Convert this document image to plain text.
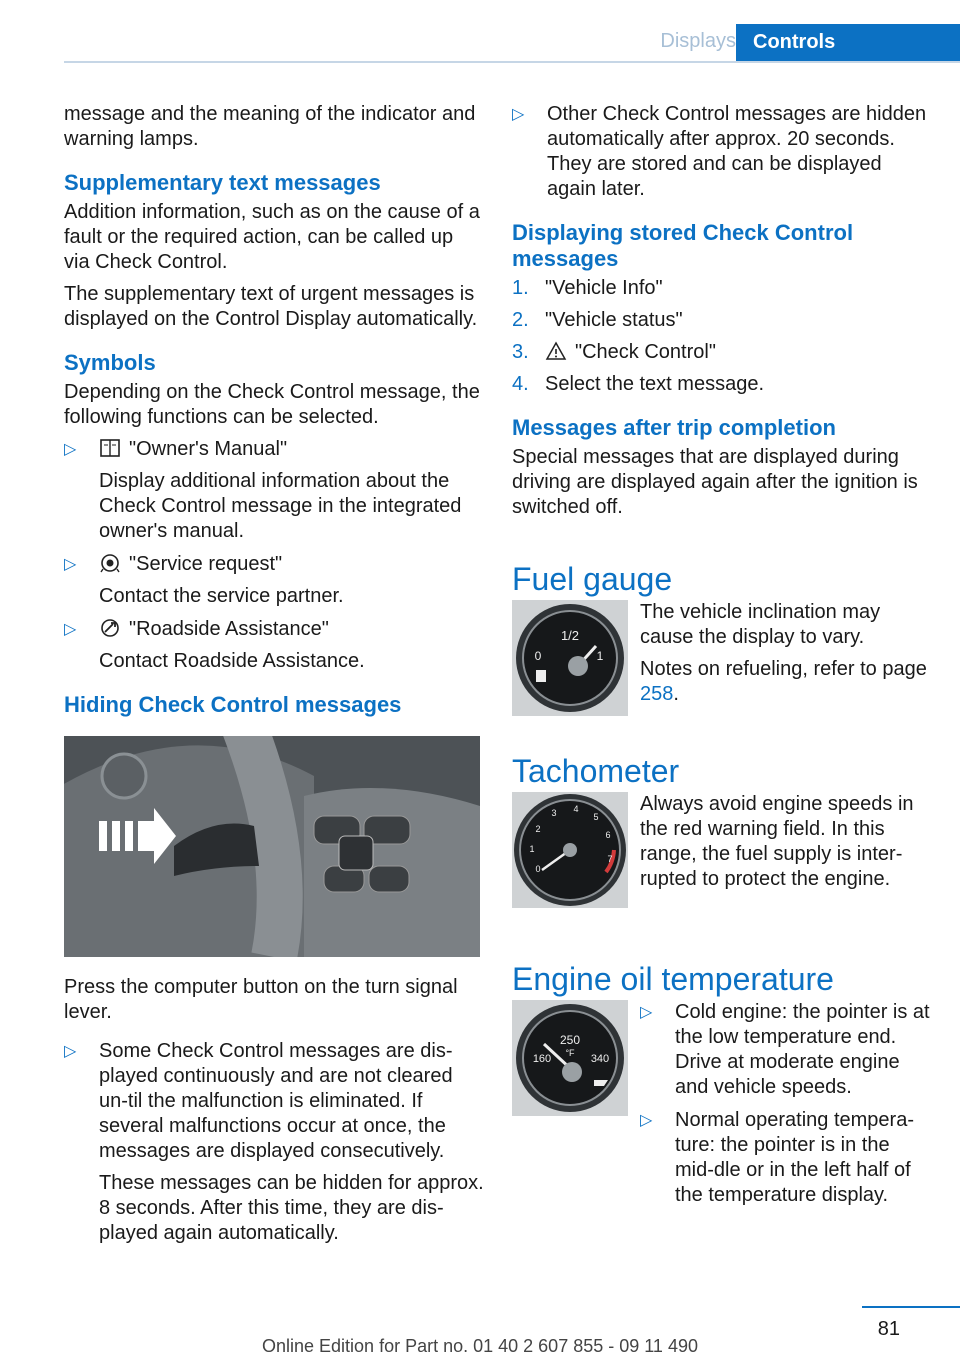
Displays Controls

message and the meaning of the indicator and warning lamps.

Supplementary text messages

Addition information, such as on the cause of a fault or the required action, can be called up via Check Control.

The supplementary text of urgent messages is displayed on the Control Display automatically.

Symbols

Depending on the Check Control message, the following functions can be selected.

▷	"Owner's Manual"

Display additional information about the Check Control message in the integrated owner's manual.

▷	"Service request"

Contact the service partner.

▷	"Roadside Assistance"

Contact Roadside Assistance.

Hiding Check Control messages

Press the computer button on the turn signal lever.

▷ Some Check Control messages are dis‐played continuously and are not cleared un‐til the malfunction is eliminated. If several malfunctions occur at once, the messages are displayed consecutively.

These messages can be hidden for approx. 8 seconds. After this time, they are dis‐played again automatically.

▷ Other Check Control messages are hidden automatically after approx. 20 seconds. They are stored and can be displayed again later.

Displaying stored Check Control messages
1. "Vehicle Info"
2. "Vehicle status"
3. "Check Control"
4. Select the text message.
Messages after trip completion

Special messages that are displayed during driving are displayed again after the ignition is switched off.

Fuel gauge
1/2
0	1

The vehicle inclination may cause the display to vary.

Notes on refueling, refer to page 258.

Tachometer
0
1
2
3 4
5
6
7

Always avoid engine speeds in the red warning field. In this range, the fuel supply is inter‐rupted to protect the engine.

Engine oil temperature
250
°F
160	340
▷ Cold engine: the pointer is at the low temperature end. Drive at moderate engine and vehicle speeds.

▷ Normal operating tempera‐ture: the pointer is in the mid‐dle or in the left half of the temperature display.

81
Online Edition for Part no. 01 40 2 607 855 - 09 11 490
